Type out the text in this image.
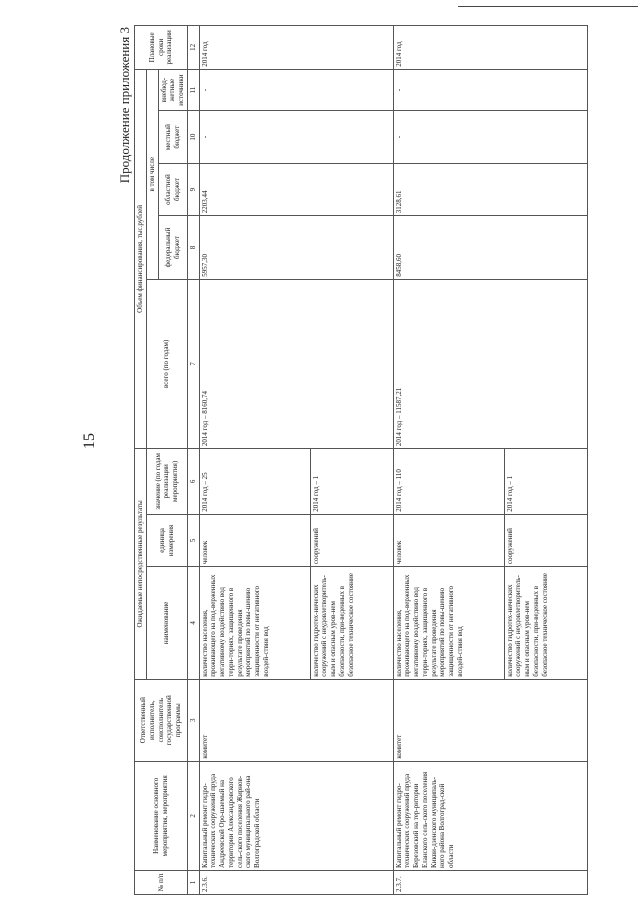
15
Продолжение приложения 3
№ п/п	Наименование основного мероприятия, мероприятия	Ответственный исполнитель, соисполнитель государственной программы	Ожидаемые непосредственные результаты			Объем финансирования, тыс.рублей					Плановые сроки реализации
			наименование	единица измерения	значение (по годам реализации мероприятия)	всего (по годам)	в том числе				
							федеральный бюджет	областной бюджет	местный бюджет	внебюд-жетные источники	
1	2	3	4	5	6	7	8	9	10	11	12
2.3.6.	Капитальный ремонт гидро-технических сооружений пруда Андреевской Оро-шаемый на территории Александровского сель-ского поселения Жирнов-ского муниципального рай-она Волгоградской области	комитет	количество населения, проживающего на под-верженных негативному воздействию вод терри-ториях, защищенного в результате проведения мероприятий по повы-шению защищенности от негативного воздей-ствия вод	человек	2014 год – 25	2014 год – 8160,74	5957,30	2203,44	-	-	2014 год
			количество гидротех-нических сооружений с неудовлетворитель-ным и опасным уров-нем безопасности, при-веденных в безопасное техническое состояние	сооружений	2014 год – 1						
2.3.7.	Капитальный ремонт гидро-технических сооружений пруда Березовский на тер-ритории Еланского сель-ского поселения Кикви-дзенского муниципаль-ного района Волгоград-ской области	комитет	количество населения, проживающего на под-верженных негативному воздействию вод терри-ториях, защищенного в результате проведения мероприятий по повы-шению защищенности от негативного воздей-ствия вод	человек	2014 год – 110	2014 год – 11587,21	8458,60	3128,61	-	-	2014 год
			количество гидротех-нических сооружений с неудовлетворитель-ным и опасным уров-нем безопасности, при-веденных в безопасное техническое состояние	сооружений	2014 год – 1						
